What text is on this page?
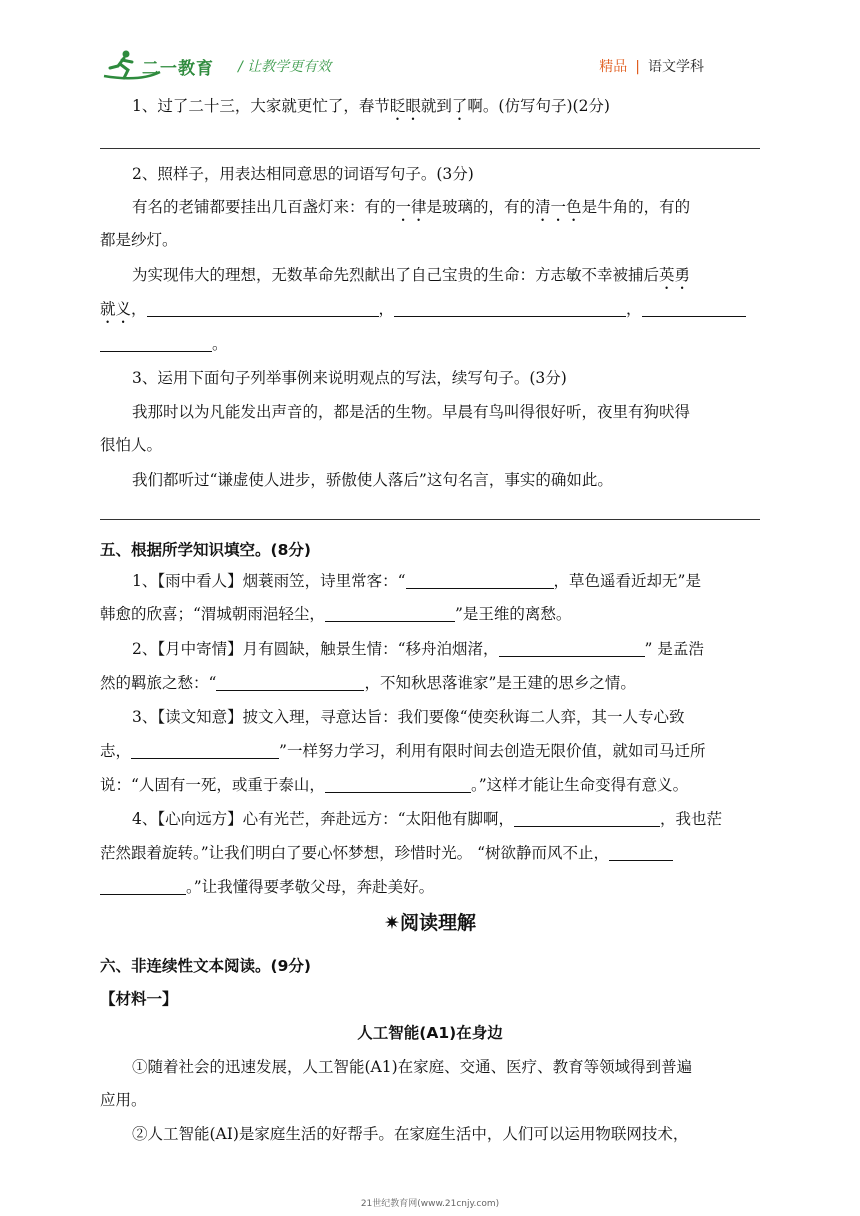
二一教育 / 让教学更有效	精品 | 语文学科
1、过了二十三，大家就更忙了，春节眨眼就到了啊。(仿写句子)(2分)
2、照样子，用表达相同意思的词语写句子。(3分)
有名的老铺都要挂出几百盏灯来：有的一律是玻璃的，有的清一色是牛角的，有的
都是纱灯。
为实现伟大的理想，无数革命先烈献出了自己宝贵的生命：方志敏不幸被捕后英勇
就义，	，	，
。
3、运用下面句子列举事例来说明观点的写法，续写句子。(3分)
我那时以为凡能发出声音的，都是活的生物。早晨有鸟叫得很好听，夜里有狗吠得
很怕人。
我们都听过“谦虚使人进步，骄傲使人落后”这句名言，事实的确如此。
五、根据所学知识填空。(8分)
1、【雨中看人】烟蓑雨笠，诗里常客：“	，草色遥看近却无”是
韩愈的欣喜；“渭城朝雨浥轻尘，	”是王维的离愁。
2、【月中寄情】月有圆缺，触景生情：“移舟泊烟渚，	” 是孟浩
然的羁旅之愁：“	，不知秋思落谁家”是王建的思乡之情。
3、【读文知意】披文入理，寻意达旨：我们要像“使奕秋诲二人弈，其一人专心致
志，	”一样努力学习，利用有限时间去创造无限价值，就如司马迁所
说：“人固有一死，或重于泰山，	。”这样才能让生命变得有意义。
4、【心向远方】心有光芒，奔赴远方：“太阳他有脚啊，	，我也茫
茫然跟着旋转。”让我们明白了要心怀梦想，珍惜时光。 “树欲静而风不止，
。”让我懂得要孝敬父母，奔赴美好。
✷阅读理解
六、非连续性文本阅读。(9分)
【材料一】
人工智能(A1)在身边
①随着社会的迅速发展，人工智能(A1)在家庭、交通、医疗、教育等领域得到普遍
应用。
②人工智能(AI)是家庭生活的好帮手。在家庭生活中，人们可以运用物联网技术，
21世纪教育网(www.21cnjy.com)
